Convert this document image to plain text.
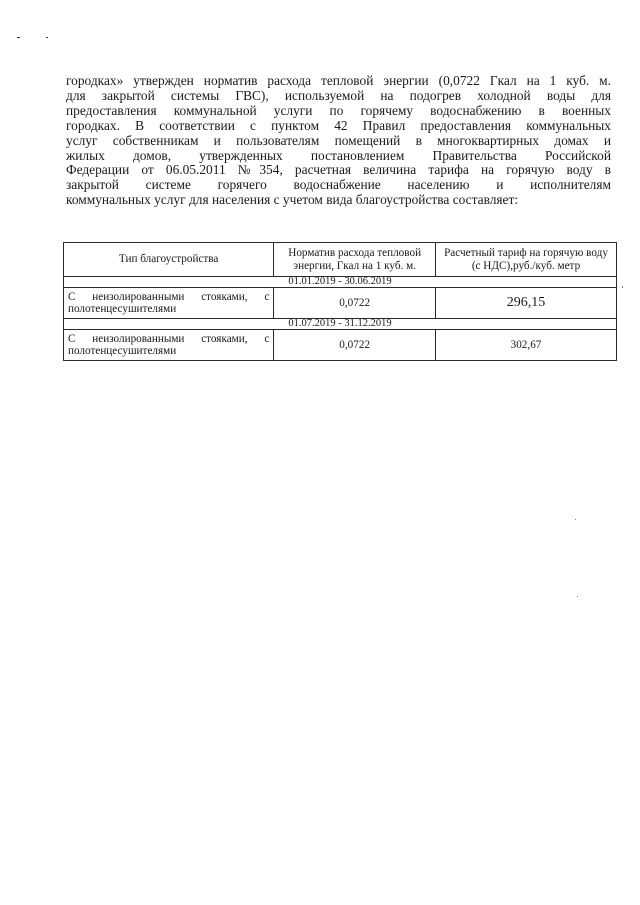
городках» утвержден норматив расхода тепловой энергии (0,0722 Гкал на 1 куб. м.
для закрытой системы ГВС), используемой на подогрев холодной воды для
предоставления коммунальной услуги по горячему водоснабжению в военных
городках. В соответствии с пунктом 42 Правил предоставления коммунальных
услуг собственникам и пользователям помещений в многоквартирных домах и
жилых домов, утвержденных постановлением Правительства Российской
Федерации от 06.05.2011 №354, расчетная величина тарифа на горячую воду в
закрытой системе горячего водоснабжение населению и исполнителям
коммунальных услуг для населения с учетом вида благоустройства составляет:
Тип благоустройства	Норматив расхода тепловой энергии, Гкал на 1 куб. м.	Расчетный тариф на горячую воду (с НДС),руб./куб. метр
01.01.2019 - 30.06.2019		
С неизолированными стояками, с полотенцесушителями	0,0722	296,15
01.07.2019 - 31.12.2019		
С неизолированными стояками, с полотенцесушителями	0,0722	302,67
